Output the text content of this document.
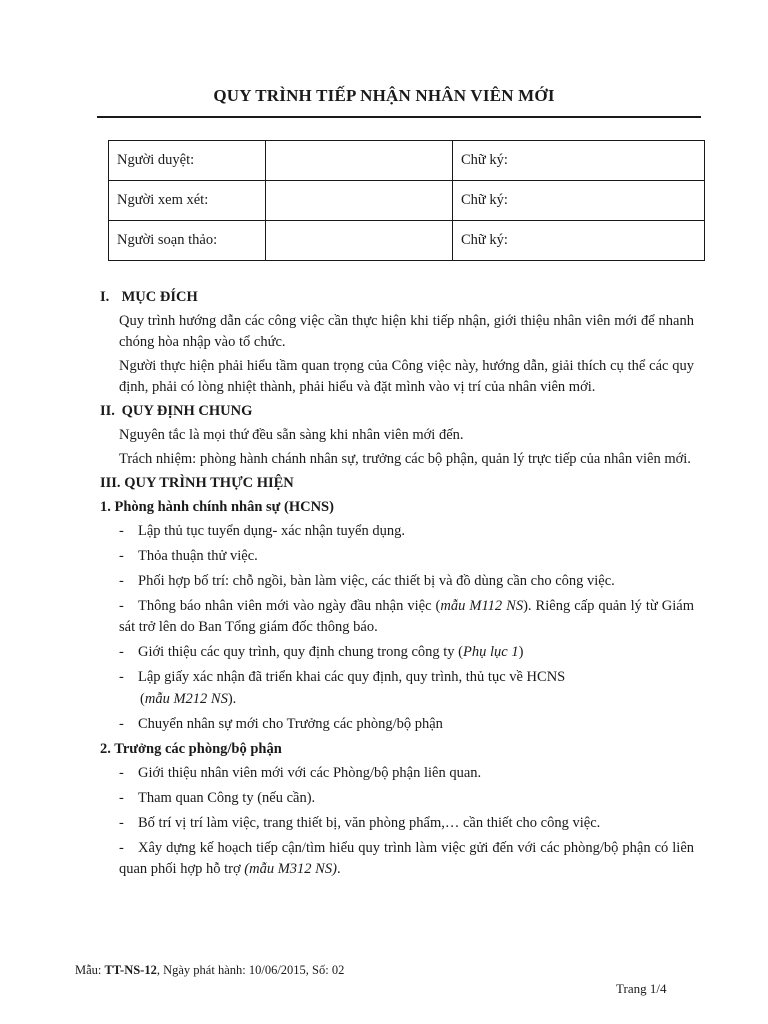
QUY TRÌNH TIẾP NHẬN NHÂN VIÊN MỚI
Người duyệt:		Chữ ký:
Người xem xét:		Chữ ký:
Người soạn thảo:		Chữ ký:
I. MỤC ĐÍCH
Quy trình hướng dẫn các công việc cần thực hiện khi tiếp nhận, giới thiệu nhân viên mới để nhanh chóng hòa nhập vào tổ chức.
Người thực hiện phải hiểu tầm quan trọng của Công việc này, hướng dẫn, giải thích cụ thể các quy định, phải có lòng nhiệt thành, phải hiểu và đặt mình vào vị trí của nhân viên mới.
II. QUY ĐỊNH CHUNG
Nguyên tắc là mọi thứ đều sẵn sàng khi nhân viên mới đến.
Trách nhiệm: phòng hành chánh nhân sự, trưởng các bộ phận, quản lý trực tiếp của nhân viên mới.
III. QUY TRÌNH THỰC HIỆN
1. Phòng hành chính nhân sự (HCNS)
- Lập thủ tục tuyển dụng- xác nhận tuyển dụng.
- Thỏa thuận thử việc.
- Phối hợp bố trí: chỗ ngồi, bàn làm việc, các thiết bị và đồ dùng cần cho công việc.
- Thông báo nhân viên mới vào ngày đầu nhận việc (mẫu M112 NS). Riêng cấp quản lý từ Giám sát trở lên do Ban Tổng giám đốc thông báo.
- Giới thiệu các quy trình, quy định chung trong công ty (Phụ lục 1)
- Lập giấy xác nhận đã triển khai các quy định, quy trình, thủ tục về HCNS
(mẫu M212 NS).
- Chuyển nhân sự mới cho Trưởng các phòng/bộ phận
2. Trưởng các phòng/bộ phận
- Giới thiệu nhân viên mới với các Phòng/bộ phận liên quan.
- Tham quan Công ty (nếu cần).
- Bố trí vị trí làm việc, trang thiết bị, văn phòng phẩm,… cần thiết cho công việc.
- Xây dựng kế hoạch tiếp cận/tìm hiểu quy trình làm việc gửi đến với các phòng/bộ phận có liên quan phối hợp hỗ trợ (mẫu M312 NS).
Mẫu: TT-NS-12, Ngày phát hành: 10/06/2015, Số: 02
Trang 1/4
